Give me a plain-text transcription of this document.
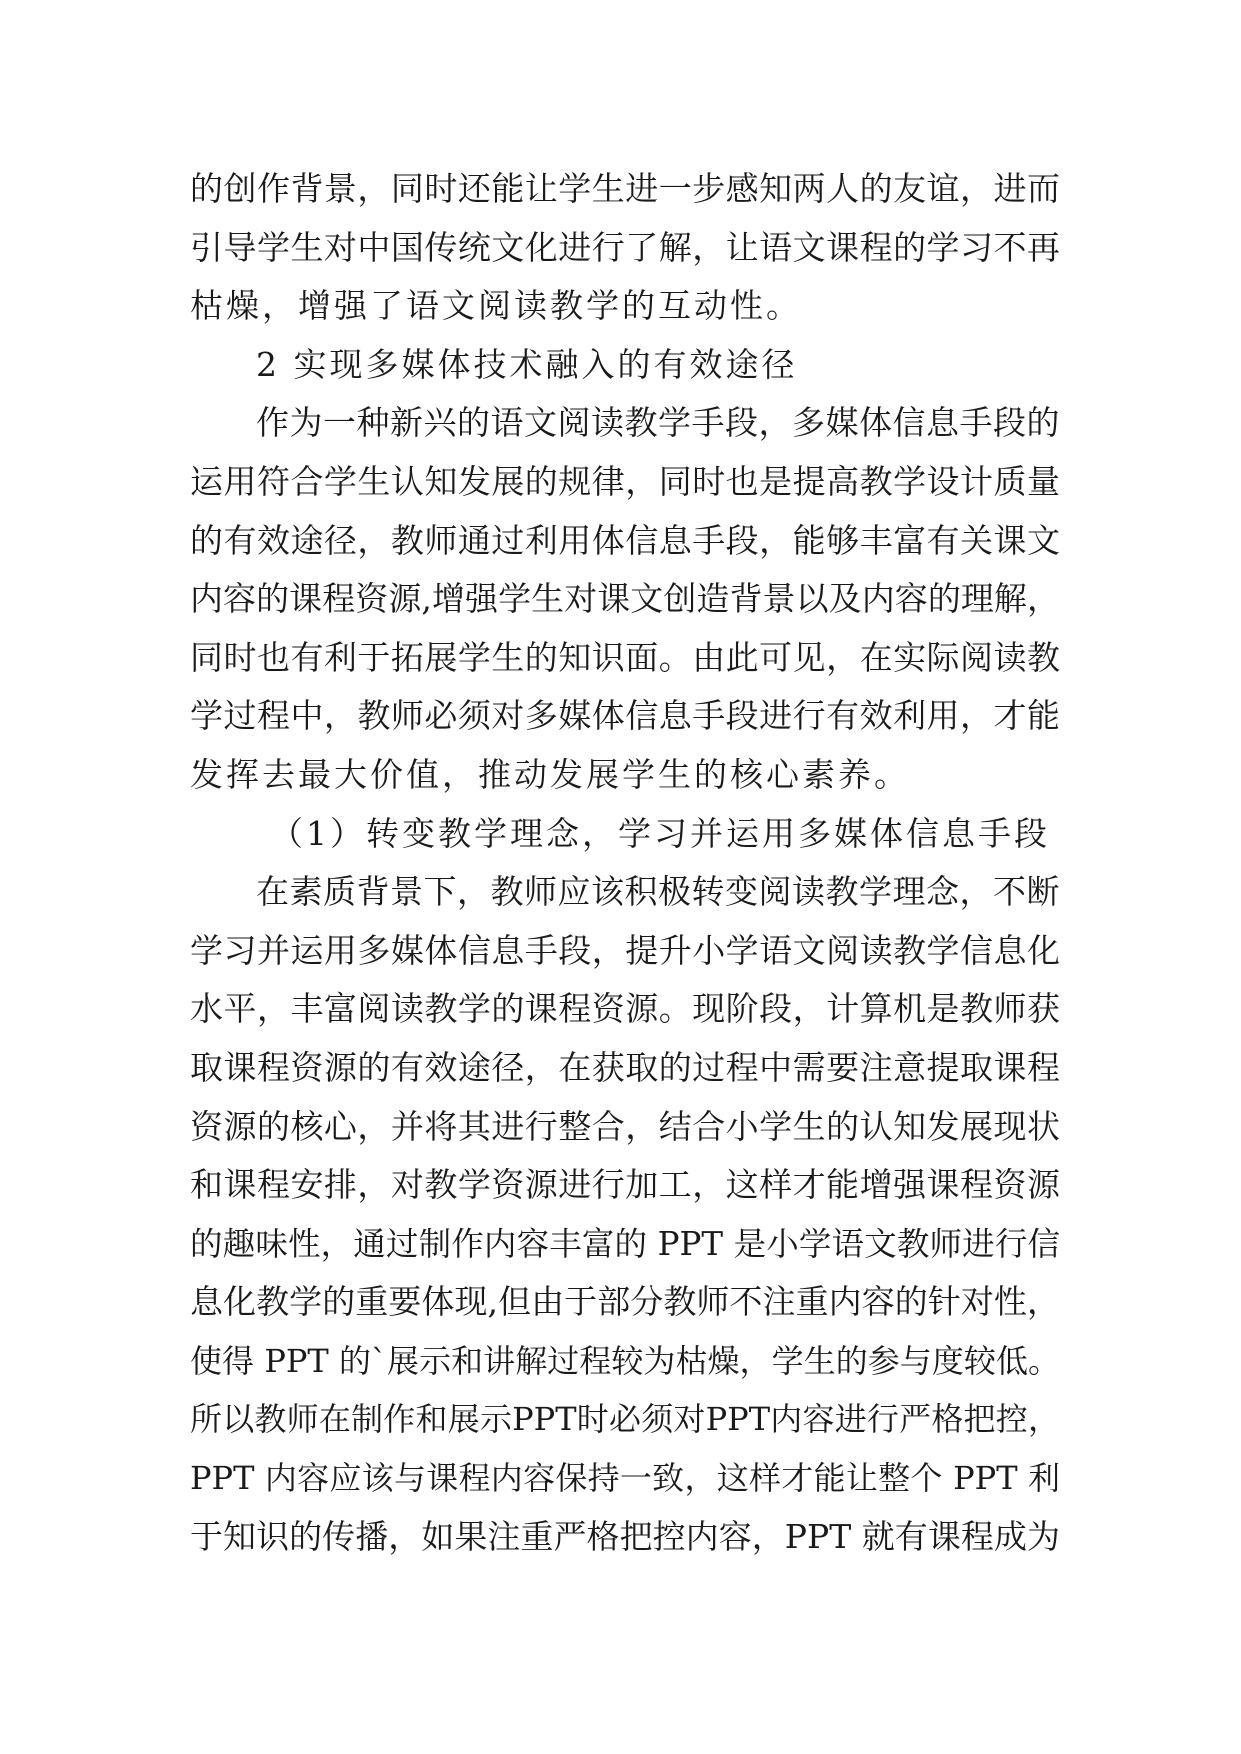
的创作背景，同时还能让学生进一步感知两人的友谊，进而
引导学生对中国传统文化进行了解，让语文课程的学习不再
枯燥，增强了语文阅读教学的互动性。
2 实现多媒体技术融入的有效途径
作为一种新兴的语文阅读教学手段，多媒体信息手段的
运用符合学生认知发展的规律，同时也是提高教学设计质量
的有效途径，教师通过利用体信息手段，能够丰富有关课文
内容的课程资源,增强学生对课文创造背景以及内容的理解，
同时也有利于拓展学生的知识面。由此可见，在实际阅读教
学过程中，教师必须对多媒体信息手段进行有效利用，才能
发挥去最大价值，推动发展学生的核心素养。
（1）转变教学理念，学习并运用多媒体信息手段
在素质背景下，教师应该积极转变阅读教学理念，不断
学习并运用多媒体信息手段，提升小学语文阅读教学信息化
水平，丰富阅读教学的课程资源。现阶段，计算机是教师获
取课程资源的有效途径，在获取的过程中需要注意提取课程
资源的核心，并将其进行整合，结合小学生的认知发展现状
和课程安排，对教学资源进行加工，这样才能增强课程资源
的趣味性，通过制作内容丰富的 PPT 是小学语文教师进行信
息化教学的重要体现,但由于部分教师不注重内容的针对性，
使得 PPT 的`展示和讲解过程较为枯燥，学生的参与度较低。
所以教师在制作和展示PPT时必须对PPT内容进行严格把控，
PPT 内容应该与课程内容保持一致，这样才能让整个 PPT 利
于知识的传播，如果注重严格把控内容，PPT 就有课程成为
